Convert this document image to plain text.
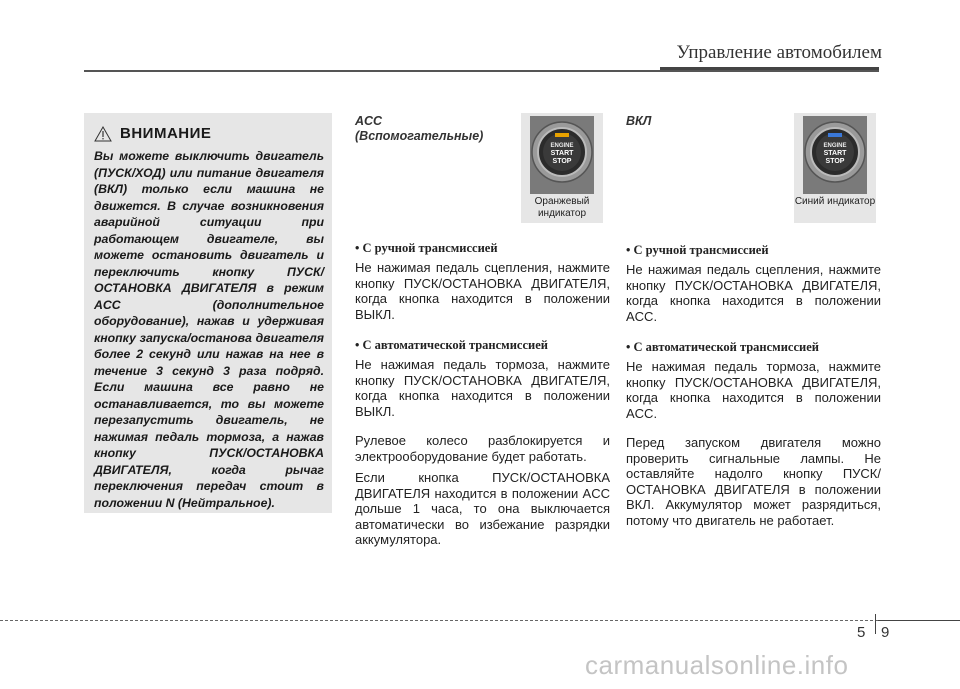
Управление автомобилем
ВНИМАНИЕ

Вы можете выключить двигатель (ПУСК/ХОД) или питание двигателя (ВКЛ) только если машина не движется. В случае возникновения аварийной ситуации при работающем двигателе, вы можете остановить двигатель и переключить кнопку ПУСК/ОСТАНОВКА ДВИГАТЕЛЯ в режим ACC (дополнительное оборудование), нажав и удерживая кнопку запуска/останова двигателя более 2 секунд или нажав на нее в течение 3 секунд 3 раза подряд. Если машина все равно не останавливается, то вы можете перезапустить двигатель, не нажимая педаль тормоза, а нажав кнопку ПУСК/ОСТАНОВКА ДВИГАТЕЛЯ, когда рычаг переключения передач стоит в положении N (Нейтральное).

ACC
(Вспомогательные)
ENGINE
START
STOP
Оранжевый индикатор
• С ручной трансмиссией

Не нажимая педаль сцепления, нажмите кнопку ПУСК/ОСТАНОВКА ДВИГАТЕЛЯ, когда кнопка находится в положении ВЫКЛ.

• С автоматической трансмиссией

Не нажимая педаль тормоза, нажмите кнопку ПУСК/ОСТАНОВКА ДВИГАТЕЛЯ, когда кнопка находится в положении ВЫКЛ.

Рулевое колесо разблокируется и электрооборудование будет работать.

Если кнопка ПУСК/ОСТАНОВКА ДВИГАТЕЛЯ находится в положении ACC дольше 1 часа, то она выключается автоматически во избежание разрядки аккумулятора.

ВКЛ
ENGINE
START
STOP
Синий индикатор
• С ручной трансмиссией

Не нажимая педаль сцепления, нажмите кнопку ПУСК/ОСТАНОВКА ДВИГАТЕЛЯ, когда кнопка находится в положении ACC.

• С автоматической трансмиссией

Не нажимая педаль тормоза, нажмите кнопку ПУСК/ОСТАНОВКА ДВИГАТЕЛЯ, когда кнопка находится в положении ACC.

Перед запуском двигателя можно проверить сигнальные лампы. Не оставляйте надолго кнопку ПУСК/ОСТАНОВКА ДВИГАТЕЛЯ в положении ВКЛ. Аккумулятор может разрядиться, потому что двигатель не работает.

5 9
carmanualsonline.info
